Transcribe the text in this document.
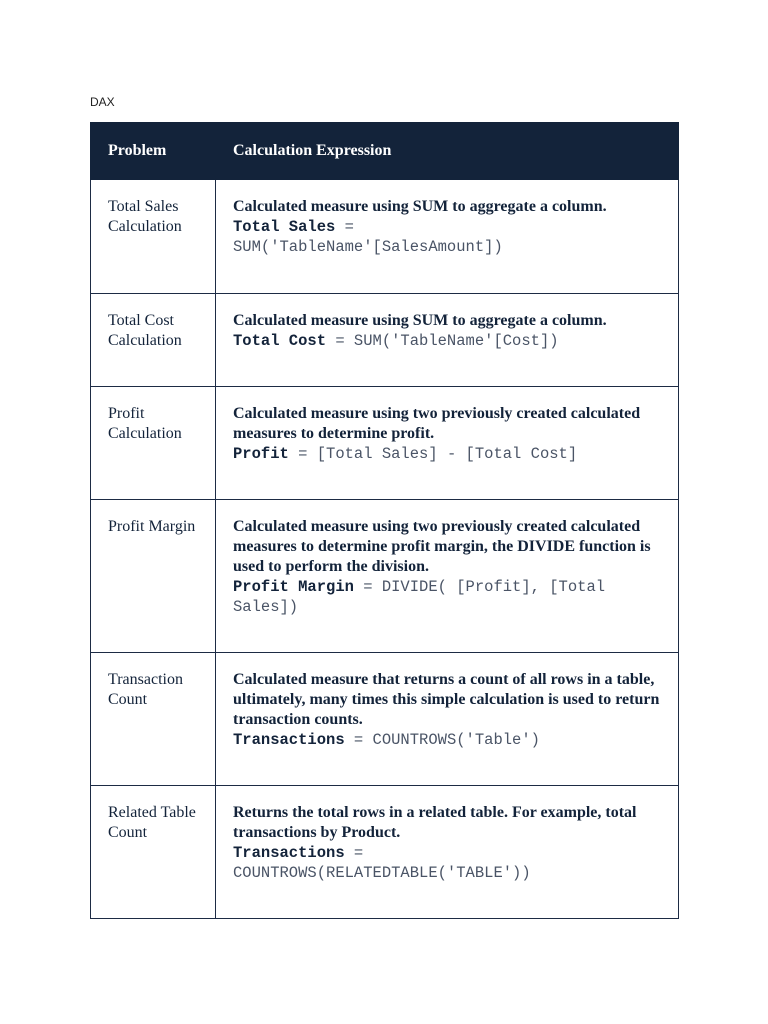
DAX
Problem	Calculation Expression
Total Sales Calculation	Calculated measure using SUM to aggregate a column.
Total Sales =
SUM('TableName'[SalesAmount])

Total Cost Calculation	Calculated measure using SUM to aggregate a column.
Total Cost = SUM('TableName'[Cost])

Profit Calculation	Calculated measure using two previously created calculated measures to determine profit.
Profit = [Total Sales] - [Total Cost]

Profit Margin	Calculated measure using two previously created calculated measures to determine profit margin, the DIVIDE function is used to perform the division.
Profit Margin = DIVIDE( [Profit], [Total Sales])

Transaction Count	Calculated measure that returns a count of all rows in a table, ultimately, many times this simple calculation is used to return transaction counts.
Transactions = COUNTROWS('Table')

Related Table Count	Returns the total rows in a related table. For example, total transactions by Product.
Transactions =
COUNTROWS(RELATEDTABLE('TABLE'))
